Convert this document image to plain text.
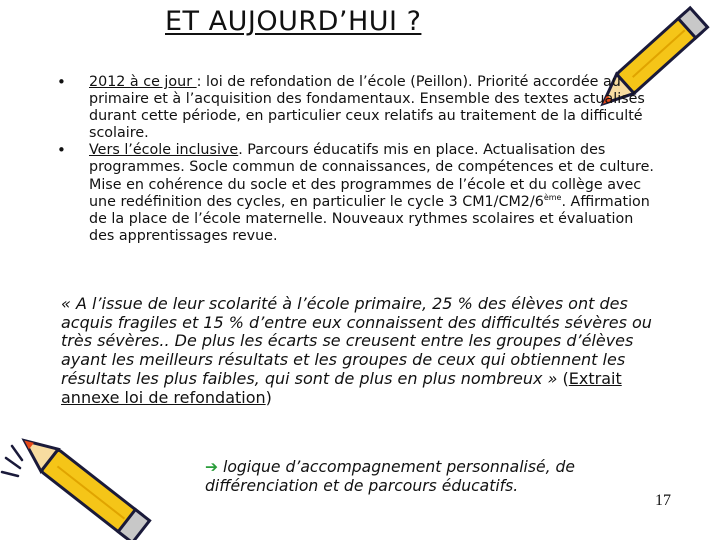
ET AUJOURD’HUI ?
• 2012 à ce jour : loi de refondation de l’école (Peillon). Priorité accordée au primaire et à l’acquisition des fondamentaux. Ensemble des textes actualisés durant cette période, en particulier ceux relatifs au traitement de la difficulté scolaire.
• Vers l’école inclusive. Parcours éducatifs mis en place. Actualisation des programmes. Socle commun de connaissances, de compétences et de culture. Mise en cohérence du socle et des programmes de l’école et du collège avec une redéfinition des cycles, en particulier le cycle 3 CM1/CM2/6ème. Affirmation de la place de l’école maternelle. Nouveaux rythmes scolaires et évaluation des apprentissages revue.
« A l’issue de leur scolarité à l’école primaire, 25 % des élèves ont des acquis fragiles et 15 % d’entre eux connaissent des difficultés sévères ou très sévères.. De plus les écarts se creusent entre les groupes d’élèves ayant les meilleurs résultats et les groupes de ceux qui obtiennent les résultats les plus faibles, qui sont de plus en plus nombreux » (Extrait annexe loi de refondation)
➔ logique d’accompagnement personnalisé, de différenciation et de parcours éducatifs.
17
